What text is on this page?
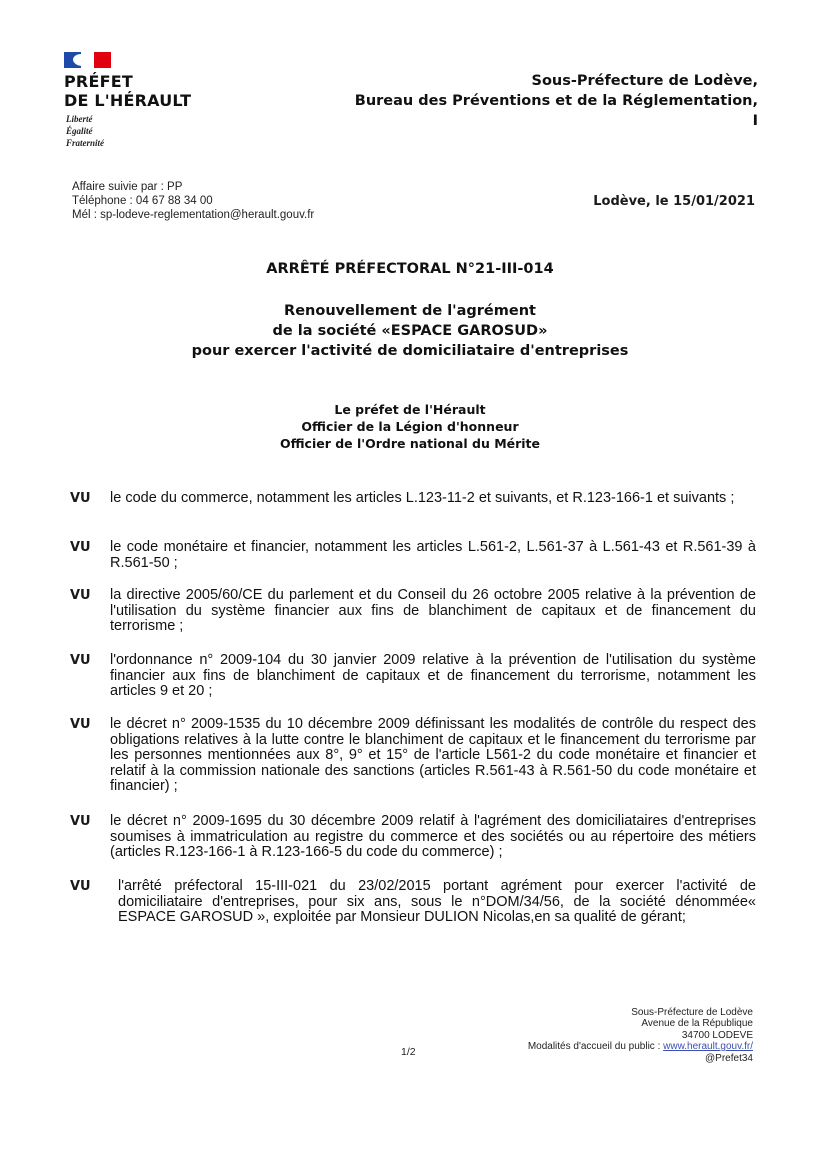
PRÉFET
DE L'HÉRAULT
Liberté
Égalité
Fraternité
Sous-Préfecture de Lodève,
Bureau des Préventions et de la Réglementation,
I
Affaire suivie par : PP
Téléphone : 04 67 88 34 00
Mél : sp-lodeve-reglementation@herault.gouv.fr
Lodève, le 15/01/2021
ARRÊTÉ PRÉFECTORAL N°21-III-014
Renouvellement de l'agrément
de la société «ESPACE GAROSUD»
pour exercer l'activité de domiciliataire d'entreprises
Le préfet de l'Hérault
Officier de la Légion d'honneur
Officier de l'Ordre national du Mérite
VU le code du commerce, notamment les articles L.123-11-2 et suivants, et R.123-166-1 et suivants ;
VU le code monétaire et financier, notamment les articles L.561-2, L.561-37 à L.561-43 et R.561-39 à R.561-50 ;
VU la directive 2005/60/CE du parlement et du Conseil du 26 octobre 2005 relative à la prévention de l'utilisation du système financier aux fins de blanchiment de capitaux et de financement du terrorisme ;
VU l'ordonnance n° 2009-104 du 30 janvier 2009 relative à la prévention de l'utilisation du système financier aux fins de blanchiment de capitaux et de financement du terrorisme, notamment les articles 9 et 20 ;
VU le décret n° 2009-1535 du 10 décembre 2009 définissant les modalités de contrôle du respect des obligations relatives à la lutte contre le blanchiment de capitaux et le financement du terrorisme par les personnes mentionnées aux 8°, 9° et 15° de l'article L561-2 du code monétaire et financier et relatif à la commission nationale des sanctions (articles R.561-43 à R.561-50 du code monétaire et financier) ;
VU le décret n° 2009-1695 du 30 décembre 2009 relatif à l'agrément des domiciliataires d'entreprises soumises à immatriculation au registre du commerce et des sociétés ou au répertoire des métiers (articles R.123-166-1 à R.123-166-5 du code du commerce) ;
VU l'arrêté préfectoral 15-III-021 du 23/02/2015 portant agrément pour exercer l'activité de domiciliataire d'entreprises, pour six ans, sous le n°DOM/34/56, de la société dénommée« ESPACE GAROSUD », exploitée par Monsieur DULION Nicolas,en sa qualité de gérant;
Sous-Préfecture de Lodève
Avenue de la République
34700 LODEVE
Modalités d'accueil du public : www.herault.gouv.fr/
@Prefet34
1/2
